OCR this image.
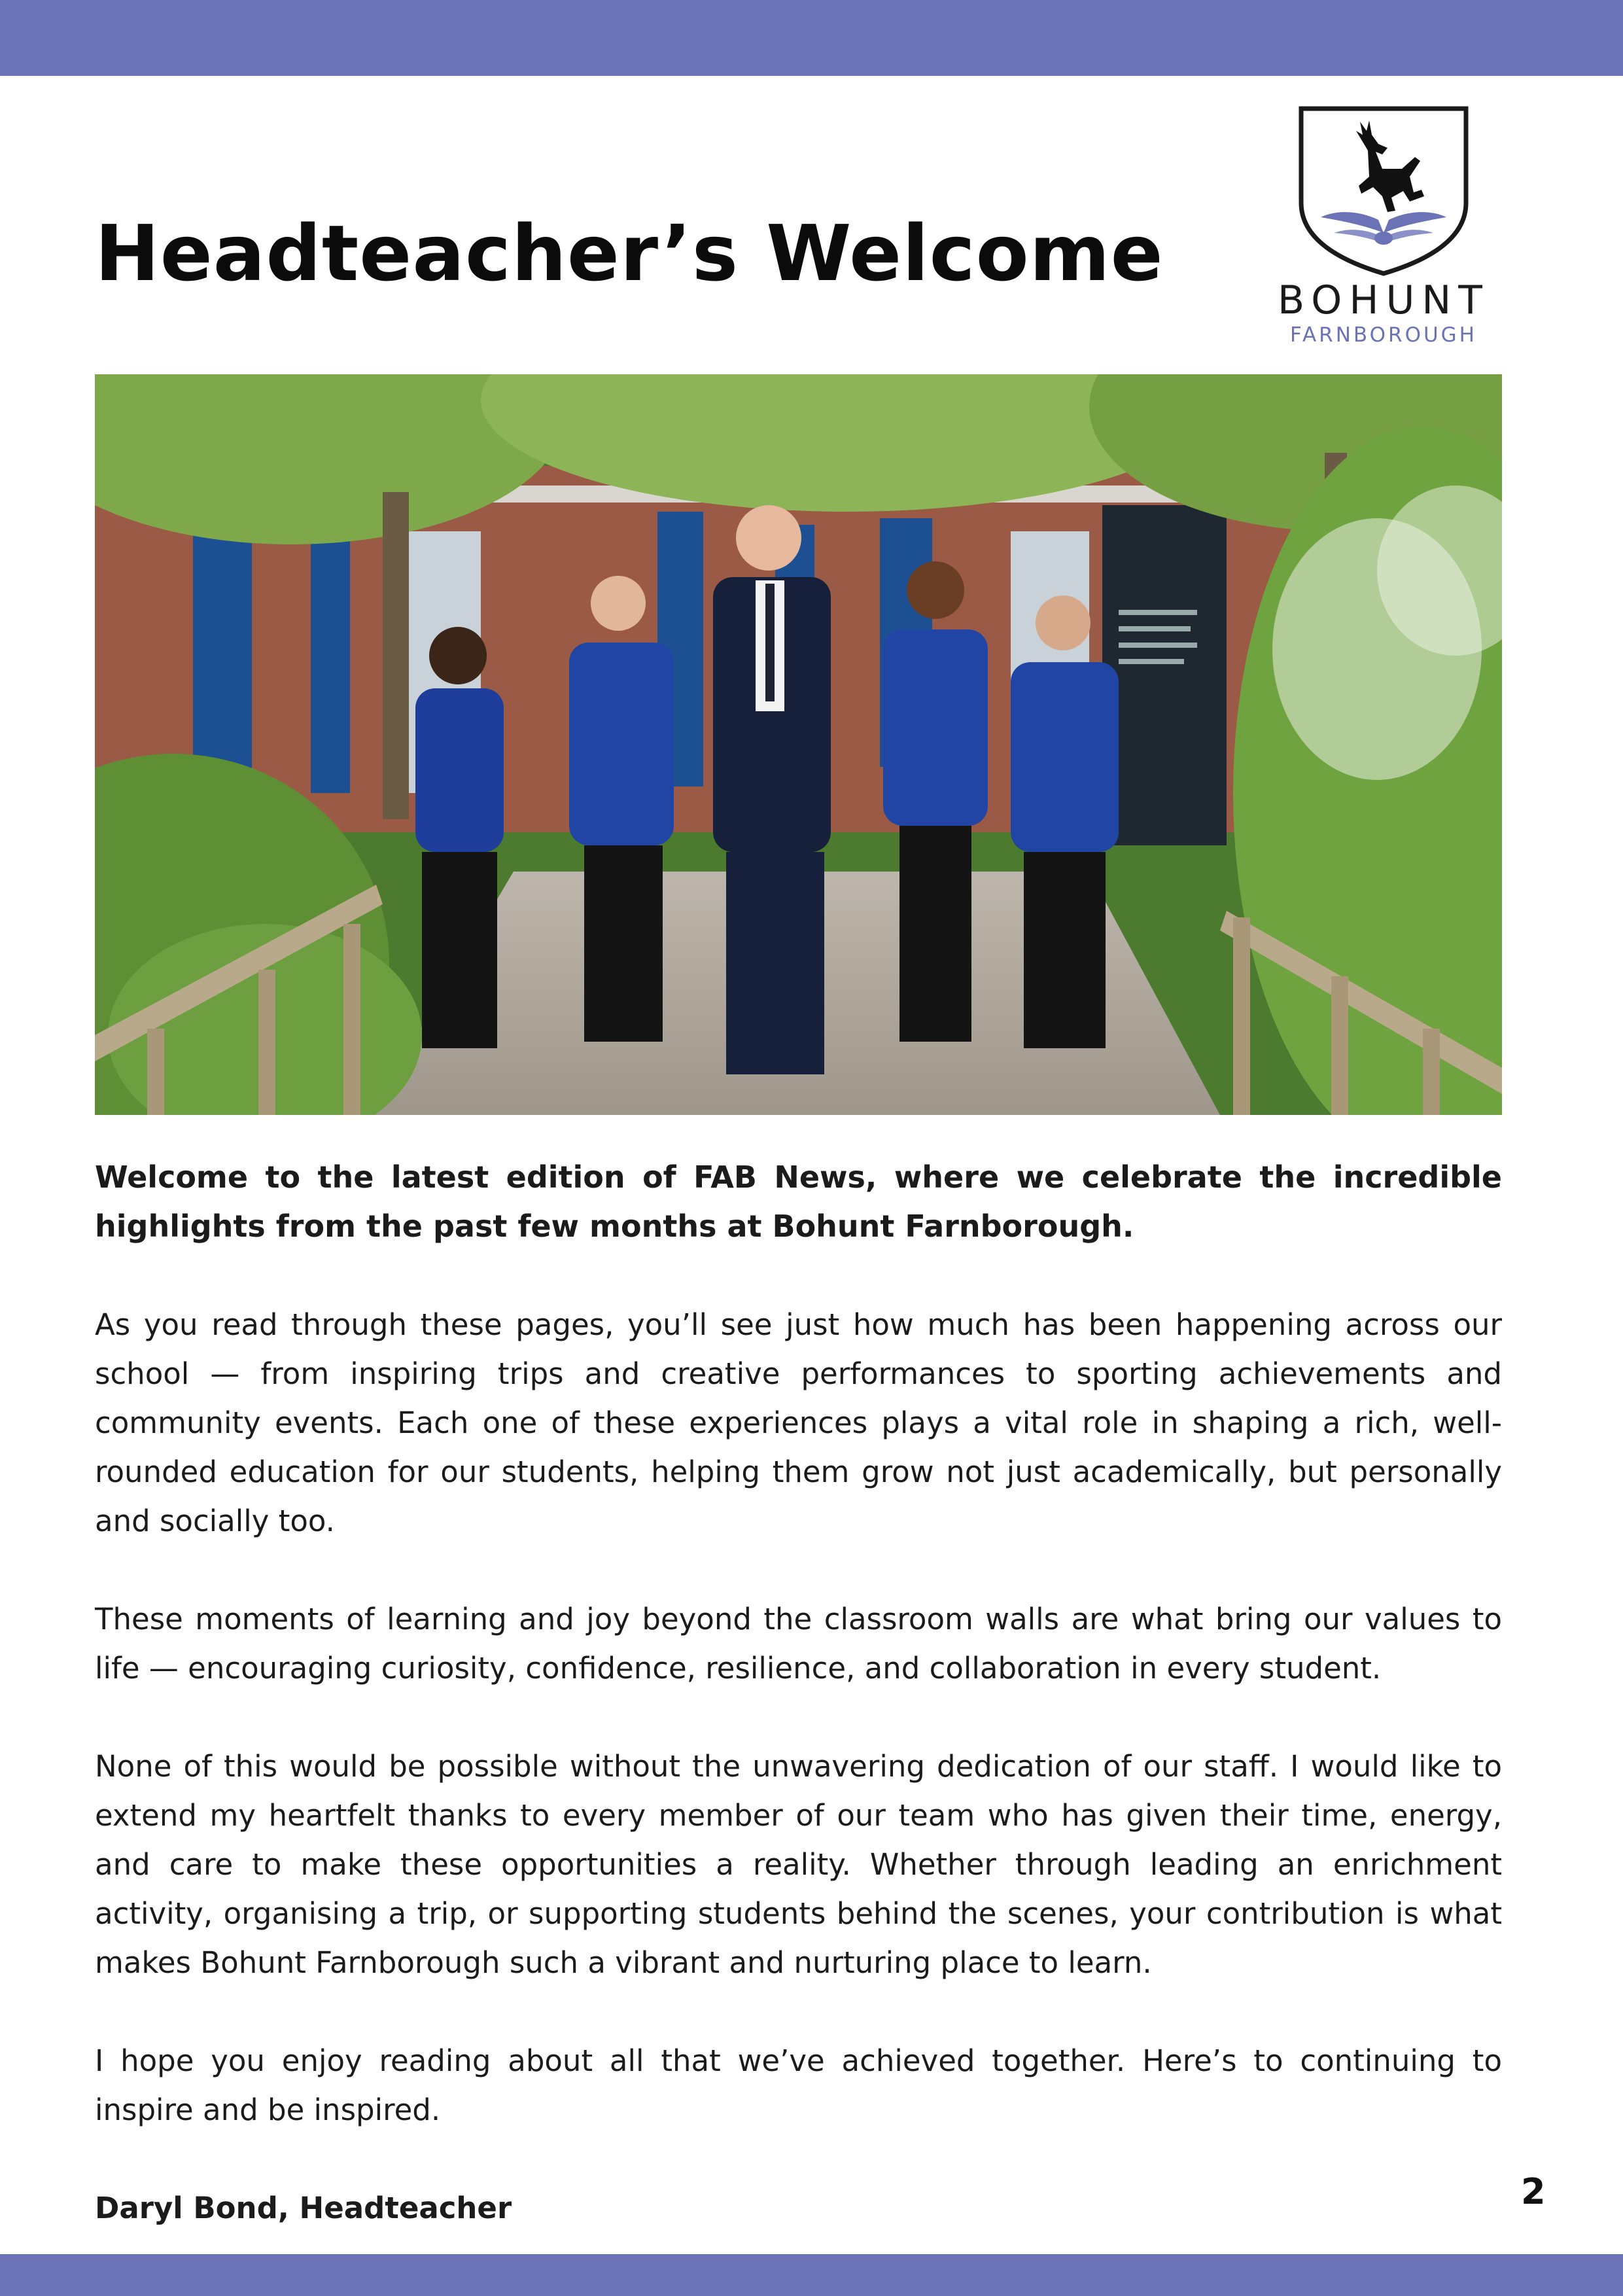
Headteacher’s Welcome
BOHUNT
FARNBOROUGH

Welcome to the latest edition of FAB News, where we celebrate the incredible highlights from the past few months at Bohunt Farnborough.

As you read through these pages, you’ll see just how much has been happening across our school — from inspiring trips and creative performances to sporting achievements and community events. Each one of these experiences plays a vital role in shaping a rich, well-rounded education for our students, helping them grow not just academically, but personally and socially too.

These moments of learning and joy beyond the classroom walls are what bring our values to life — encouraging curiosity, confidence, resilience, and collaboration in every student.

None of this would be possible without the unwavering dedication of our staff. I would like to extend my heartfelt thanks to every member of our team who has given their time, energy, and care to make these opportunities a reality. Whether through leading an enrichment activity, organising a trip, or supporting students behind the scenes, your contribution is what makes Bohunt Farnborough such a vibrant and nurturing place to learn.

I hope you enjoy reading about all that we’ve achieved together. Here’s to continuing to inspire and be inspired.

Daryl Bond, Headteacher	2
